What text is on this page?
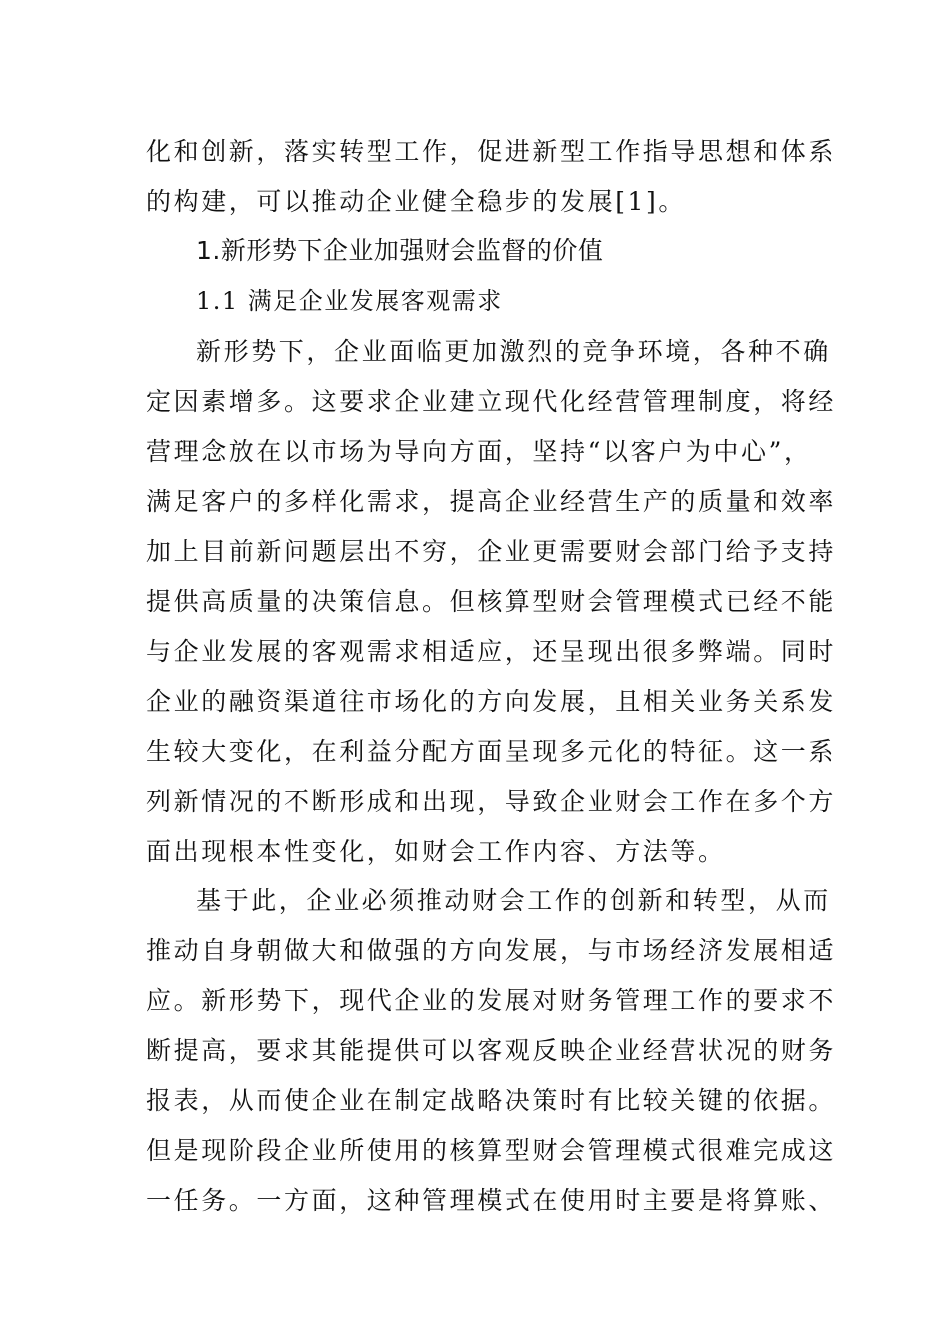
化和创新，落实转型工作，促进新型工作指导思想和体系
的构建，可以推动企业健全稳步的发展[1]。
1.新形势下企业加强财会监督的价值
1.1 满足企业发展客观需求
新形势下，企业面临更加激烈的竞争环境，各种不确
定因素增多。这要求企业建立现代化经营管理制度，将经
营理念放在以市场为导向方面，坚持“以客户为中心”，
满足客户的多样化需求，提高企业经营生产的质量和效率
加上目前新问题层出不穷，企业更需要财会部门给予支持
提供高质量的决策信息。但核算型财会管理模式已经不能
与企业发展的客观需求相适应，还呈现出很多弊端。同时
企业的融资渠道往市场化的方向发展，且相关业务关系发
生较大变化，在利益分配方面呈现多元化的特征。这一系
列新情况的不断形成和出现，导致企业财会工作在多个方
面出现根本性变化，如财会工作内容、方法等。
基于此，企业必须推动财会工作的创新和转型，从而
推动自身朝做大和做强的方向发展，与市场经济发展相适
应。新形势下，现代企业的发展对财务管理工作的要求不
断提高，要求其能提供可以客观反映企业经营状况的财务
报表，从而使企业在制定战略决策时有比较关键的依据。
但是现阶段企业所使用的核算型财会管理模式很难完成这
一任务。一方面，这种管理模式在使用时主要是将算账、
